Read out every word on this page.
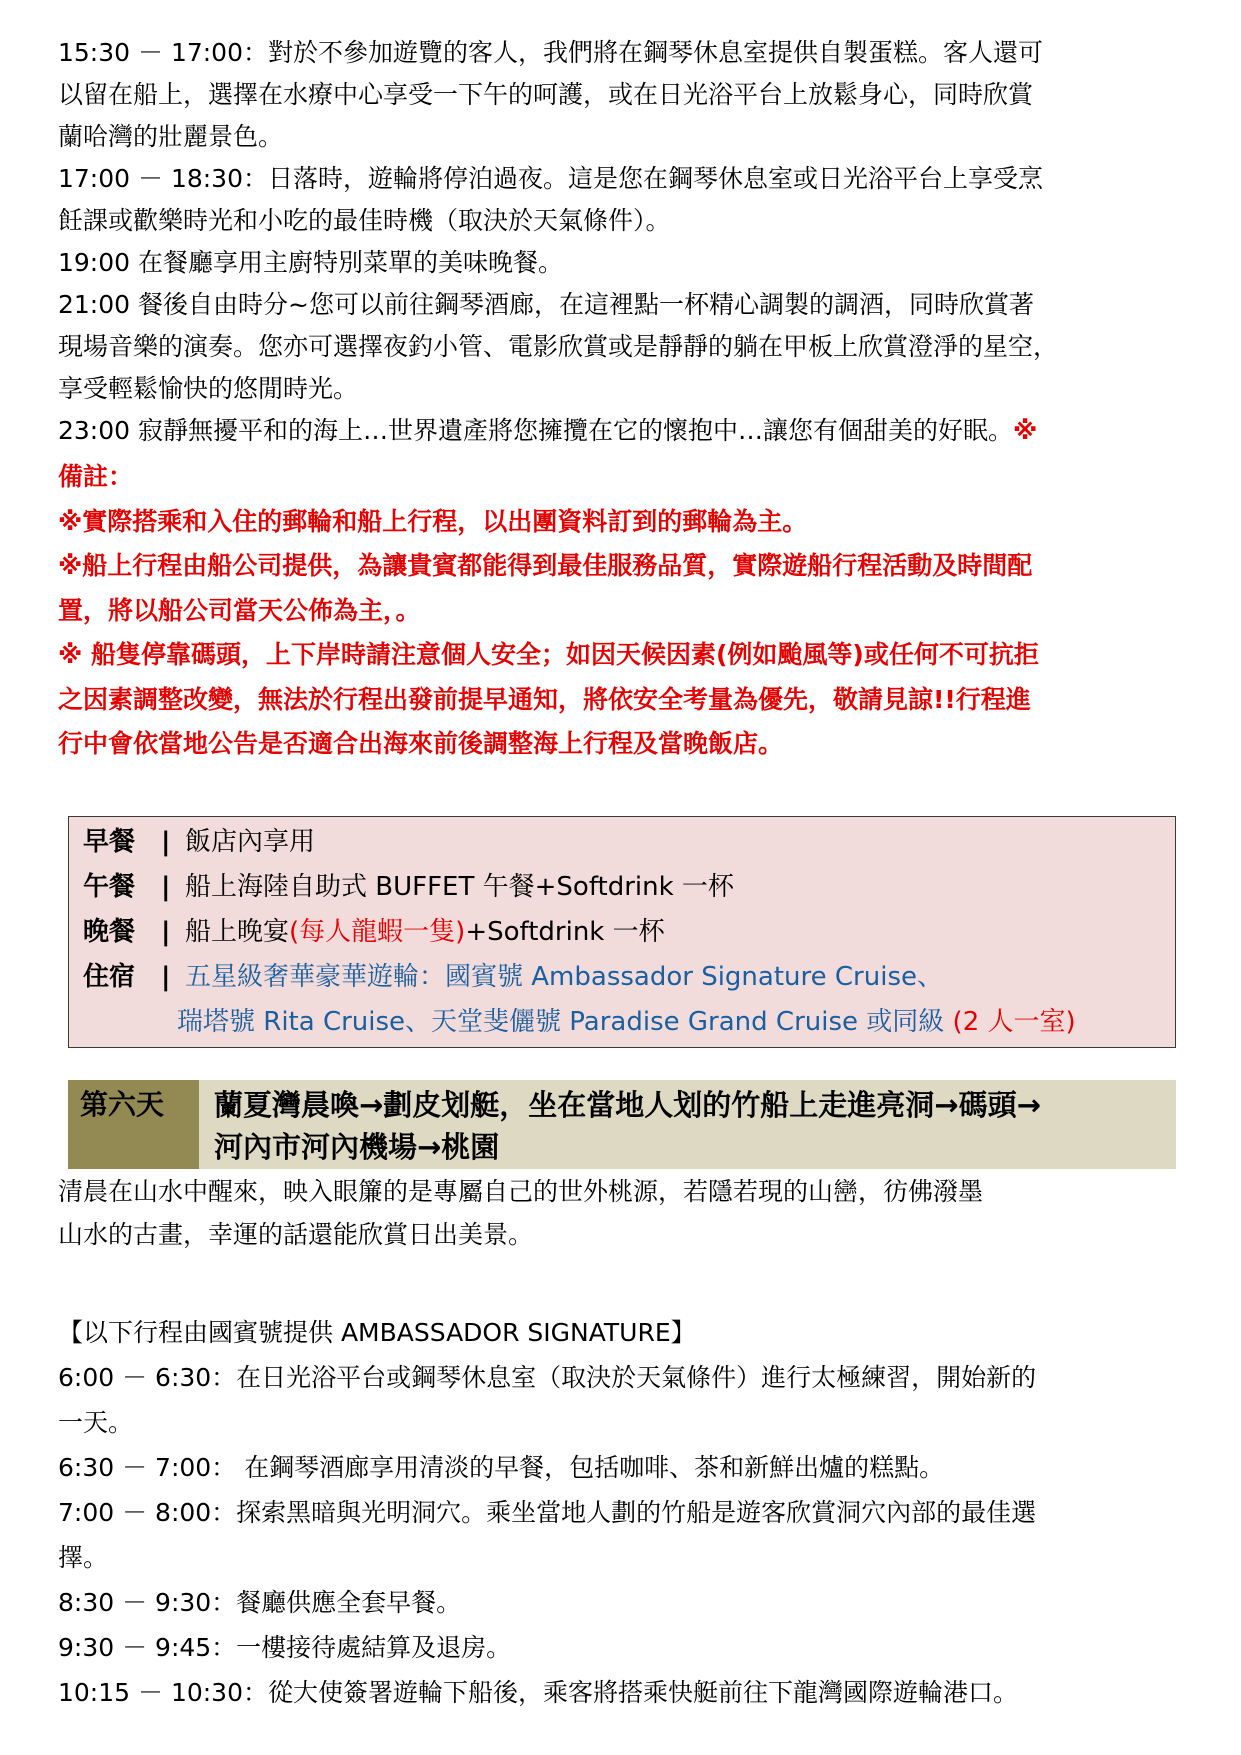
15:30 － 17:00：對於不參加遊覽的客人，我們將在鋼琴休息室提供自製蛋糕。客人還可

以留在船上，選擇在水療中心享受一下午的呵護，或在日光浴平台上放鬆身心，同時欣賞

蘭哈灣的壯麗景色。

17:00 － 18:30：日落時，遊輪將停泊過夜。這是您在鋼琴休息室或日光浴平台上享受烹

飪課或歡樂時光和小吃的最佳時機（取決於天氣條件）。

19:00 在餐廳享用主廚特別菜單的美味晚餐。

21:00 餐後自由時分~您可以前往鋼琴酒廊，在這裡點一杯精心調製的調酒，同時欣賞著

現場音樂的演奏。您亦可選擇夜釣小管、電影欣賞或是靜靜的躺在甲板上欣賞澄淨的星空，

享受輕鬆愉快的悠閒時光。

23:00 寂靜無擾平和的海上…世界遺產將您擁攬在它的懷抱中…讓您有個甜美的好眠。※

備註：

※實際搭乘和入住的郵輪和船上行程，以出團資料訂到的郵輪為主。

※船上行程由船公司提供，為讓貴賓都能得到最佳服務品質，實際遊船行程活動及時間配

置，將以船公司當天公佈為主，。

※ 船隻停靠碼頭，上下岸時請注意個人安全；如因天候因素(例如颱風等)或任何不可抗拒

之因素調整改變，無法於行程出發前提早通知，將依安全考量為優先，敬請見諒!!行程進

行中會依當地公告是否適合出海來前後調整海上行程及當晚飯店。

早餐 | 飯店內享用
午餐 | 船上海陸自助式 BUFFET 午餐+Softdrink 一杯
晚餐 | 船上晚宴(每人龍蝦一隻)+Softdrink 一杯
住宿 | 五星級奢華豪華遊輪：國賓號 Ambassador Signature Cruise、
瑞塔號 Rita Cruise、天堂斐儷號 Paradise Grand Cruise 或同級 (2 人一室)
第六天	蘭夏灣晨喚→劃皮划艇，坐在當地人划的竹船上走進亮洞→碼頭→
河內市河內機場→桃園

清晨在山水中醒來，映入眼簾的是專屬自己的世外桃源，若隱若現的山巒，彷佛潑墨

山水的古畫，幸運的話還能欣賞日出美景。

【以下行程由國賓號提供 AMBASSADOR SIGNATURE】

6:00 － 6:30：在日光浴平台或鋼琴休息室（取決於天氣條件）進行太極練習，開始新的

一天。

6:30 － 7:00： 在鋼琴酒廊享用清淡的早餐，包括咖啡、茶和新鮮出爐的糕點。

7:00 － 8:00：探索黑暗與光明洞穴。乘坐當地人劃的竹船是遊客欣賞洞穴內部的最佳選

擇。

8:30 － 9:30：餐廳供應全套早餐。

9:30 － 9:45：一樓接待處結算及退房。

10:15 － 10:30：從大使簽署遊輪下船後，乘客將搭乘快艇前往下龍灣國際遊輪港口。
